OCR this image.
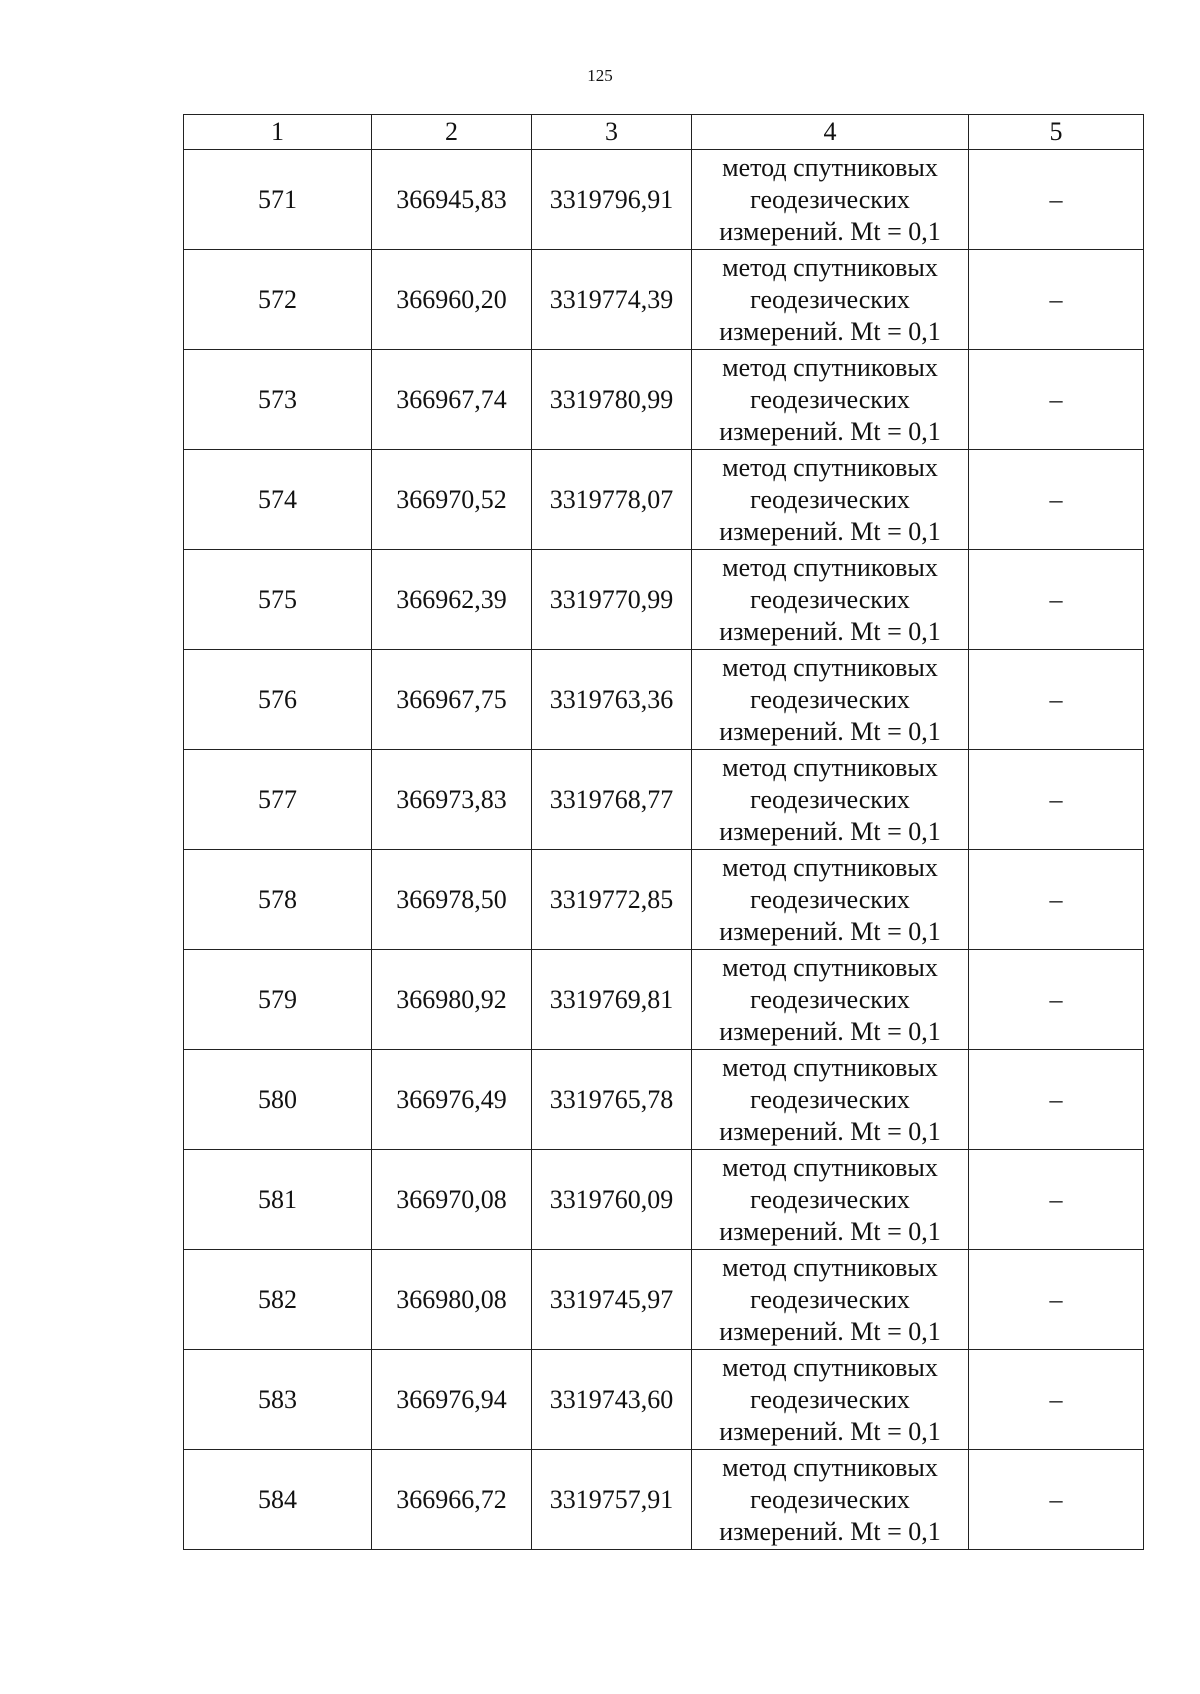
125
1	2	3	4	5
571	366945,83	3319796,91	метод спутниковых
геодезических
измерений. Mt = 0,1	–
572	366960,20	3319774,39	метод спутниковых
геодезических
измерений. Mt = 0,1	–
573	366967,74	3319780,99	метод спутниковых
геодезических
измерений. Mt = 0,1	–
574	366970,52	3319778,07	метод спутниковых
геодезических
измерений. Mt = 0,1	–
575	366962,39	3319770,99	метод спутниковых
геодезических
измерений. Mt = 0,1	–
576	366967,75	3319763,36	метод спутниковых
геодезических
измерений. Mt = 0,1	–
577	366973,83	3319768,77	метод спутниковых
геодезических
измерений. Mt = 0,1	–
578	366978,50	3319772,85	метод спутниковых
геодезических
измерений. Mt = 0,1	–
579	366980,92	3319769,81	метод спутниковых
геодезических
измерений. Mt = 0,1	–
580	366976,49	3319765,78	метод спутниковых
геодезических
измерений. Mt = 0,1	–
581	366970,08	3319760,09	метод спутниковых
геодезических
измерений. Mt = 0,1	–
582	366980,08	3319745,97	метод спутниковых
геодезических
измерений. Mt = 0,1	–
583	366976,94	3319743,60	метод спутниковых
геодезических
измерений. Mt = 0,1	–
584	366966,72	3319757,91	метод спутниковых
геодезических
измерений. Mt = 0,1	–
